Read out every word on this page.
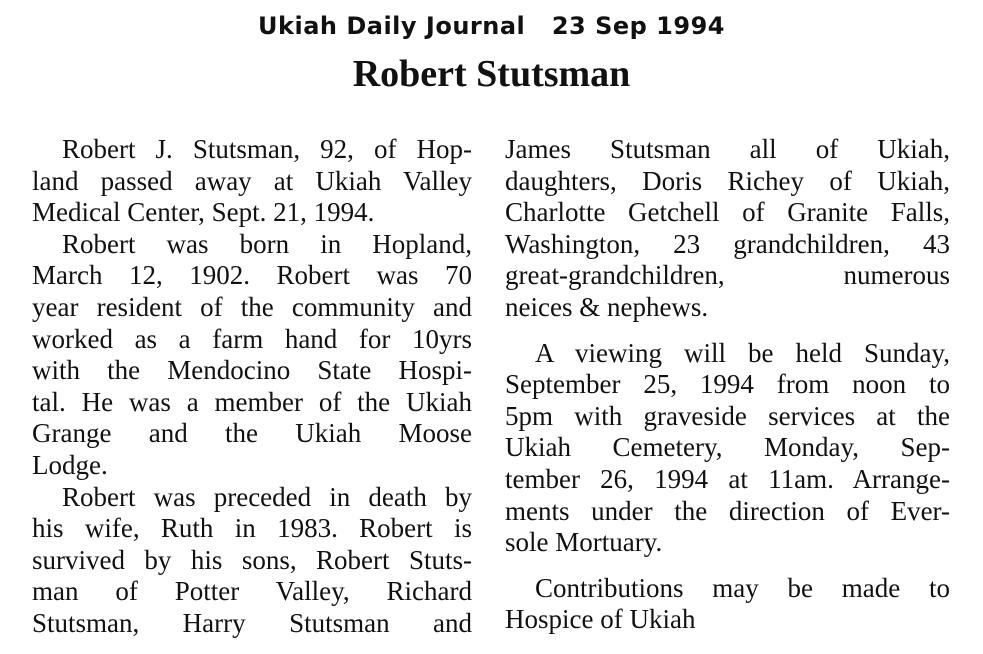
Ukiah Daily Journal   23 Sep 1994
Robert Stutsman
Robert J. Stutsman, 92, of Hop-
land passed away at Ukiah Valley
Medical Center, Sept. 21, 1994.
Robert was born in Hopland,
March 12, 1902. Robert was 70
year resident of the community and
worked as a farm hand for 10yrs
with the Mendocino State Hospi-
tal. He was a member of the Ukiah
Grange and the Ukiah Moose
Lodge.
Robert was preceded in death by
his wife, Ruth in 1983. Robert is
survived by his sons, Robert Stuts-
man of Potter Valley, Richard
Stutsman, Harry Stutsman and
James Stutsman all of Ukiah,
daughters, Doris Richey of Ukiah,
Charlotte Getchell of Granite Falls,
Washington, 23 grandchildren, 43
great-grandchildren, numerous
neices & nephews.
A viewing will be held Sunday,
September 25, 1994 from noon to
5pm with graveside services at the
Ukiah Cemetery, Monday, Sep-
tember 26, 1994 at 11am. Arrange-
ments under the direction of Ever-
sole Mortuary.
Contributions may be made to
Hospice of Ukiah
